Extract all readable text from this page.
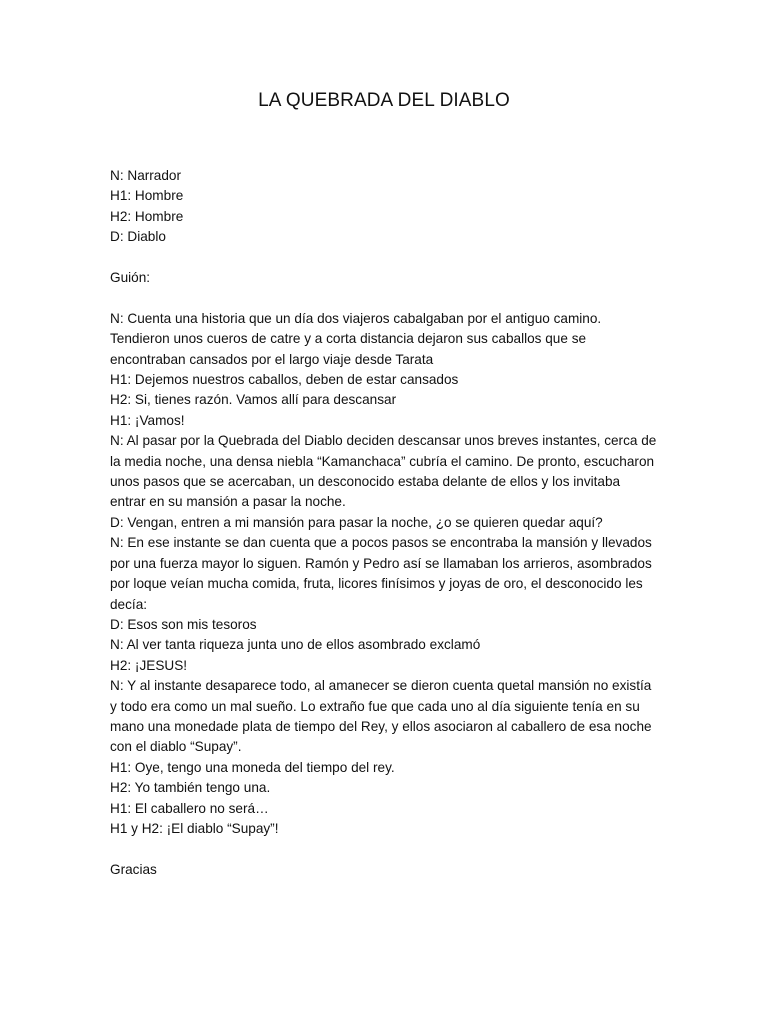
LA QUEBRADA DEL DIABLO
N: Narrador
H1: Hombre
H2: Hombre
D: Diablo
Guión:
N: Cuenta una historia que un día dos viajeros cabalgaban por el antiguo camino. Tendieron unos cueros de catre y a corta distancia dejaron sus caballos que se encontraban cansados por el largo viaje desde Tarata
H1: Dejemos nuestros caballos, deben de estar cansados
H2: Si, tienes razón. Vamos allí para descansar
H1: ¡Vamos!
N: Al pasar por la Quebrada del Diablo deciden descansar unos breves instantes, cerca de la media noche, una densa niebla “Kamanchaca” cubría el camino. De pronto, escucharon unos pasos que se acercaban, un desconocido estaba delante de ellos y los invitaba entrar en su mansión a pasar la noche.
D: Vengan, entren a mi mansión para pasar la noche, ¿o se quieren quedar aquí?
N: En ese instante se dan cuenta que a pocos pasos se encontraba la mansión y llevados por una fuerza mayor lo siguen. Ramón y Pedro así se llamaban los arrieros, asombrados por loque veían mucha comida, fruta, licores finísimos y joyas de oro, el desconocido les decía:
D: Esos son mis tesoros
N: Al ver tanta riqueza junta uno de ellos asombrado exclamó
H2: ¡JESUS!
N: Y al instante desaparece todo, al amanecer se dieron cuenta quetal mansión no existía y todo era como un mal sueño. Lo extraño fue que cada uno al día siguiente tenía en su mano una monedade plata de tiempo del Rey, y ellos asociaron al caballero de esa noche con el diablo “Supay”.
H1: Oye, tengo una moneda del tiempo del rey.
H2: Yo también tengo una.
H1: El caballero no será…
H1 y H2: ¡El diablo “Supay”!
Gracias
